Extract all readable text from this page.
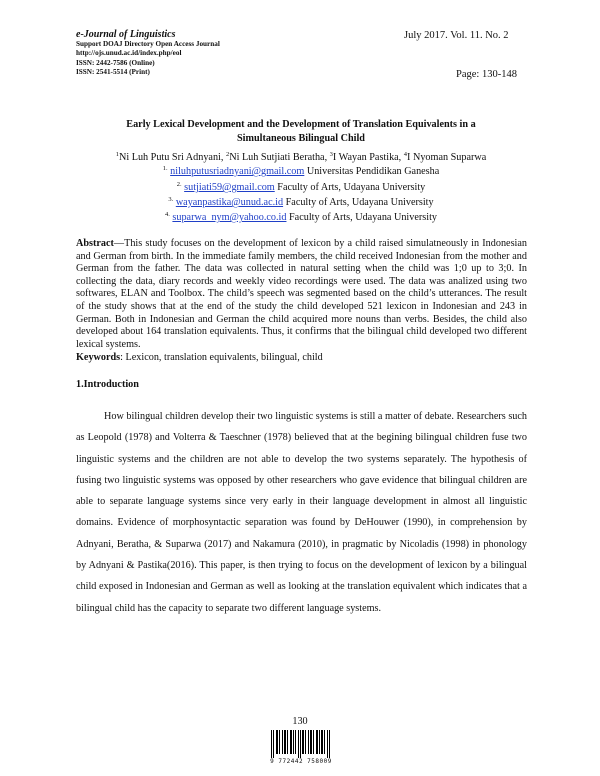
e-Journal of Linguistics
Support DOAJ Directory Open Access Journal
http://ojs.unud.ac.id/index.php/eol
ISSN: 2442-7586 (Online)
ISSN: 2541-5514 (Print)
July 2017. Vol. 11. No. 2
Page: 130-148
Early Lexical Development and the Development of Translation Equivalents in a
Simultaneous Bilingual Child
$^1$Ni Luh Putu Sri Adnyani, $^2$Ni Luh Sutjiati Beratha, $^3$I Wayan Pastika, $^4$I Nyoman Suparwa
$^{1.}$ niluhputusriadnyani@gmail.com Universitas Pendidikan Ganesha
$^{2.}$ sutjiati59@gmail.com Faculty of Arts, Udayana University
$^{3.}$ wayanpastika@unud.ac.id Faculty of Arts, Udayana University
$^{4.}$ suparwa_nym@yahoo.co.id Faculty of Arts, Udayana University
Abstract—This study focuses on the development of lexicon by a child raised simulatneously in Indonesian and German from birth. In the immediate family members, the child received Indonesian from the mother and German from the father. The data was collected in natural setting when the child was 1;0 up to 3;0. In collecting the data, diary records and weekly video recordings were used. The data was analized using two softwares, ELAN and Toolbox. The child’s speech was segmented based on the child’s utterances. The result of the study shows that at the end of the study the child developed 521 lexicon in Indonesian and 243 in German. Both in Indonesian and German the child acquired more nouns than verbs. Besides, the child also developed about 164 translation equivalents. Thus, it confirms that the bilingual child developed two different lexical systems.
Keywords: Lexicon, translation equivalents, bilingual, child
1.Introduction
How bilingual children develop their two linguistic systems is still a matter of debate. Researchers such as Leopold (1978) and Volterra & Taeschner (1978) believed that at the begining bilingual children fuse two linguistic systems and the children are not able to develop the two systems separately. The hypothesis of fusing two linguistic systems was opposed by other researchers who gave evidence that bilingual children are able to separate language systems since very early in their language development in almost all linguistic domains. Evidence of morphosyntactic separation was found by DeHouwer (1990), in comprehension by Adnyani, Beratha, & Suparwa (2017) and Nakamura (2010), in pragmatic by Nicoladis (1998) in phonology by Adnyani & Pastika(2016). This paper, is then trying to focus on the development of lexicon by a bilingual child exposed in Indonesian and German as well as looking at the translation equivalent which indicates that a bilingual child has the capacity to separate two different language systems.
130
9 772442 758009
